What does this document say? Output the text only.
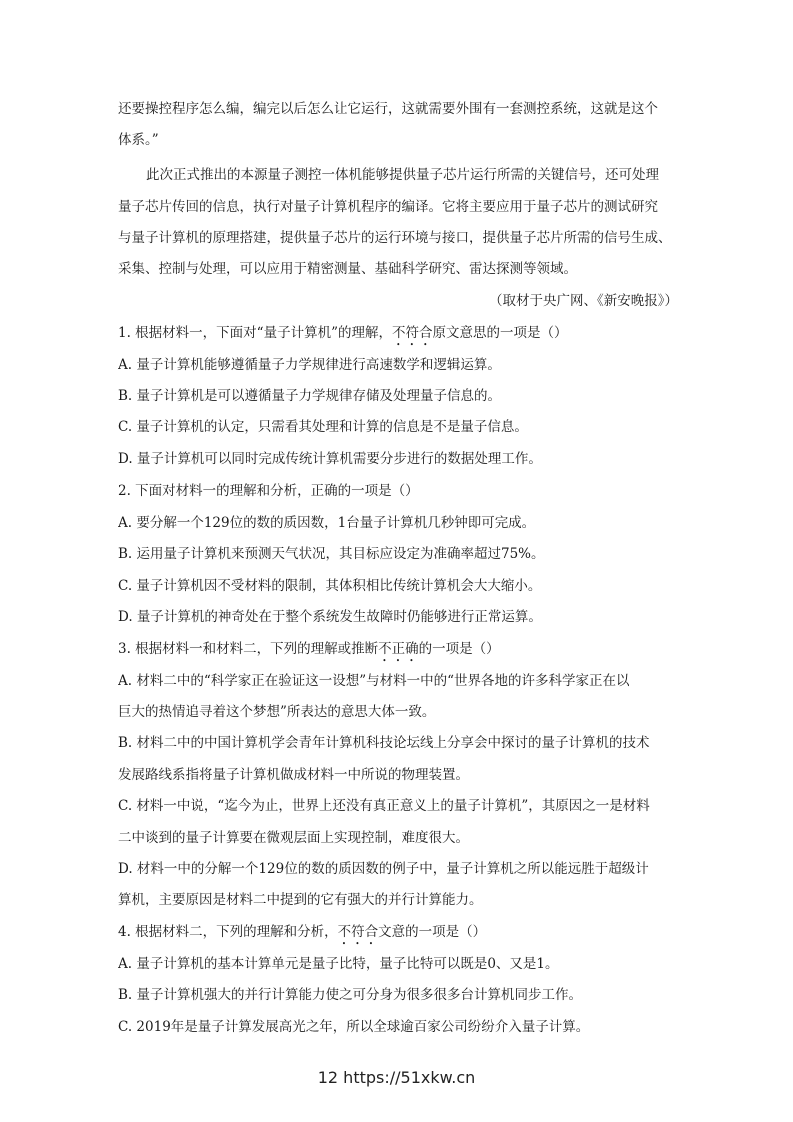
还要操控程序怎么编，编完以后怎么让它运行，这就需要外围有一套测控系统，这就是这个
体系。”
此次正式推出的本源量子测控一体机能够提供量子芯片运行所需的关键信号，还可处理
量子芯片传回的信息，执行对量子计算机程序的编译。它将主要应用于量子芯片的测试研究
与量子计算机的原理搭建，提供量子芯片的运行环境与接口，提供量子芯片所需的信号生成、
采集、控制与处理，可以应用于精密测量、基础科学研究、雷达探测等领域。
（取材于央广网、《新安晚报》）
1. 根据材料一，下面对“量子计算机”的理解，不符合原文意思的一项是（）
A. 量子计算机能够遵循量子力学规律进行高速数学和逻辑运算。
B. 量子计算机是可以遵循量子力学规律存储及处理量子信息的。
C. 量子计算机的认定，只需看其处理和计算的信息是不是量子信息。
D. 量子计算机可以同时完成传统计算机需要分步进行的数据处理工作。
2. 下面对材料一的理解和分析，正确的一项是（）
A. 要分解一个129位的数的质因数，1台量子计算机几秒钟即可完成。
B. 运用量子计算机来预测天气状况，其目标应设定为准确率超过75%。
C. 量子计算机因不受材料的限制，其体积相比传统计算机会大大缩小。
D. 量子计算机的神奇处在于整个系统发生故障时仍能够进行正常运算。
3. 根据材料一和材料二，下列的理解或推断不正确的一项是（）
A. 材料二中的“科学家正在验证这一设想”与材料一中的“世界各地的许多科学家正在以
巨大的热情追寻着这个梦想”所表达的意思大体一致。
B. 材料二中的中国计算机学会青年计算机科技论坛线上分享会中探讨的量子计算机的技术
发展路线系指将量子计算机做成材料一中所说的物理装置。
C. 材料一中说，“迄今为止，世界上还没有真正意义上的量子计算机”，其原因之一是材料
二中谈到的量子计算要在微观层面上实现控制，难度很大。
D. 材料一中的分解一个129位的数的质因数的例子中，量子计算机之所以能远胜于超级计
算机，主要原因是材料二中提到的它有强大的并行计算能力。
4. 根据材料二，下列的理解和分析，不符合文意的一项是（）
A. 量子计算机的基本计算单元是量子比特，量子比特可以既是0、又是1。
B. 量子计算机强大的并行计算能力使之可分身为很多很多台计算机同步工作。
C. 2019年是量子计算发展高光之年，所以全球逾百家公司纷纷介入量子计算。
12 https://51xkw.cn
